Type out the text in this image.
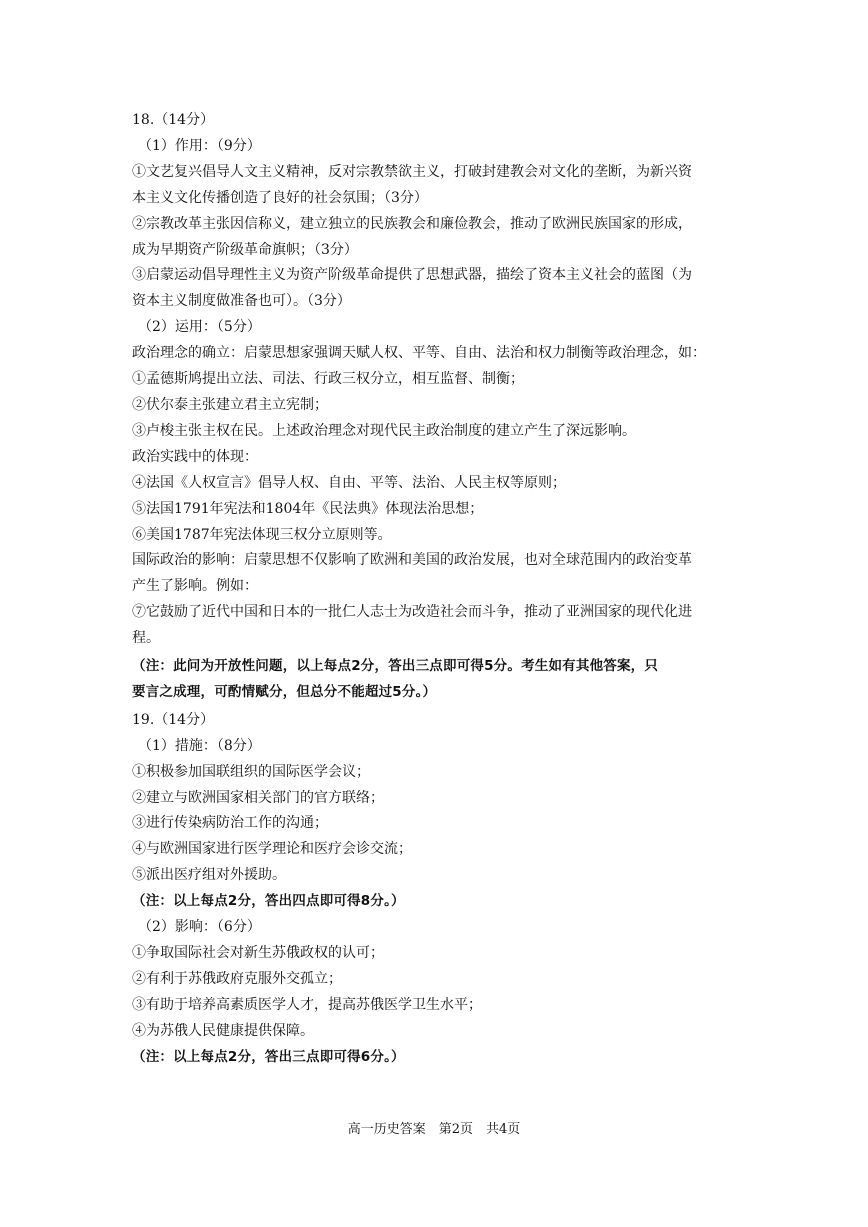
18.（14分）
（1）作用：（9分）
①文艺复兴倡导人文主义精神，反对宗教禁欲主义，打破封建教会对文化的垄断，为新兴资
本主义文化传播创造了良好的社会氛围；（3分）
②宗教改革主张因信称义，建立独立的民族教会和廉俭教会，推动了欧洲民族国家的形成，
成为早期资产阶级革命旗帜；（3分）
③启蒙运动倡导理性主义为资产阶级革命提供了思想武器，描绘了资本主义社会的蓝图（为
资本主义制度做准备也可）。（3分）
（2）运用：（5分）
政治理念的确立：启蒙思想家强调天赋人权、平等、自由、法治和权力制衡等政治理念，如：
①孟德斯鸠提出立法、司法、行政三权分立，相互监督、制衡；
②伏尔泰主张建立君主立宪制；
③卢梭主张主权在民。上述政治理念对现代民主政治制度的建立产生了深远影响。
政治实践中的体现：
④法国《人权宣言》倡导人权、自由、平等、法治、人民主权等原则；
⑤法国1791年宪法和1804年《民法典》体现法治思想；
⑥美国1787年宪法体现三权分立原则等。
国际政治的影响：启蒙思想不仅影响了欧洲和美国的政治发展，也对全球范围内的政治变革
产生了影响。例如：
⑦它鼓励了近代中国和日本的一批仁人志士为改造社会而斗争，推动了亚洲国家的现代化进
程。
（注：此问为开放性问题，以上每点2分，答出三点即可得5分。考生如有其他答案，只
要言之成理，可酌情赋分，但总分不能超过5分。）
19.（14分）
（1）措施：（8分）
①积极参加国联组织的国际医学会议；
②建立与欧洲国家相关部门的官方联络；
③进行传染病防治工作的沟通；
④与欧洲国家进行医学理论和医疗会诊交流；
⑤派出医疗组对外援助。
（注：以上每点2分，答出四点即可得8分。）
（2）影响：（6分）
①争取国际社会对新生苏俄政权的认可；
②有利于苏俄政府克服外交孤立；
③有助于培养高素质医学人才，提高苏俄医学卫生水平；
④为苏俄人民健康提供保障。
（注：以上每点2分，答出三点即可得6分。）
高一历史答案　第2页　共4页
